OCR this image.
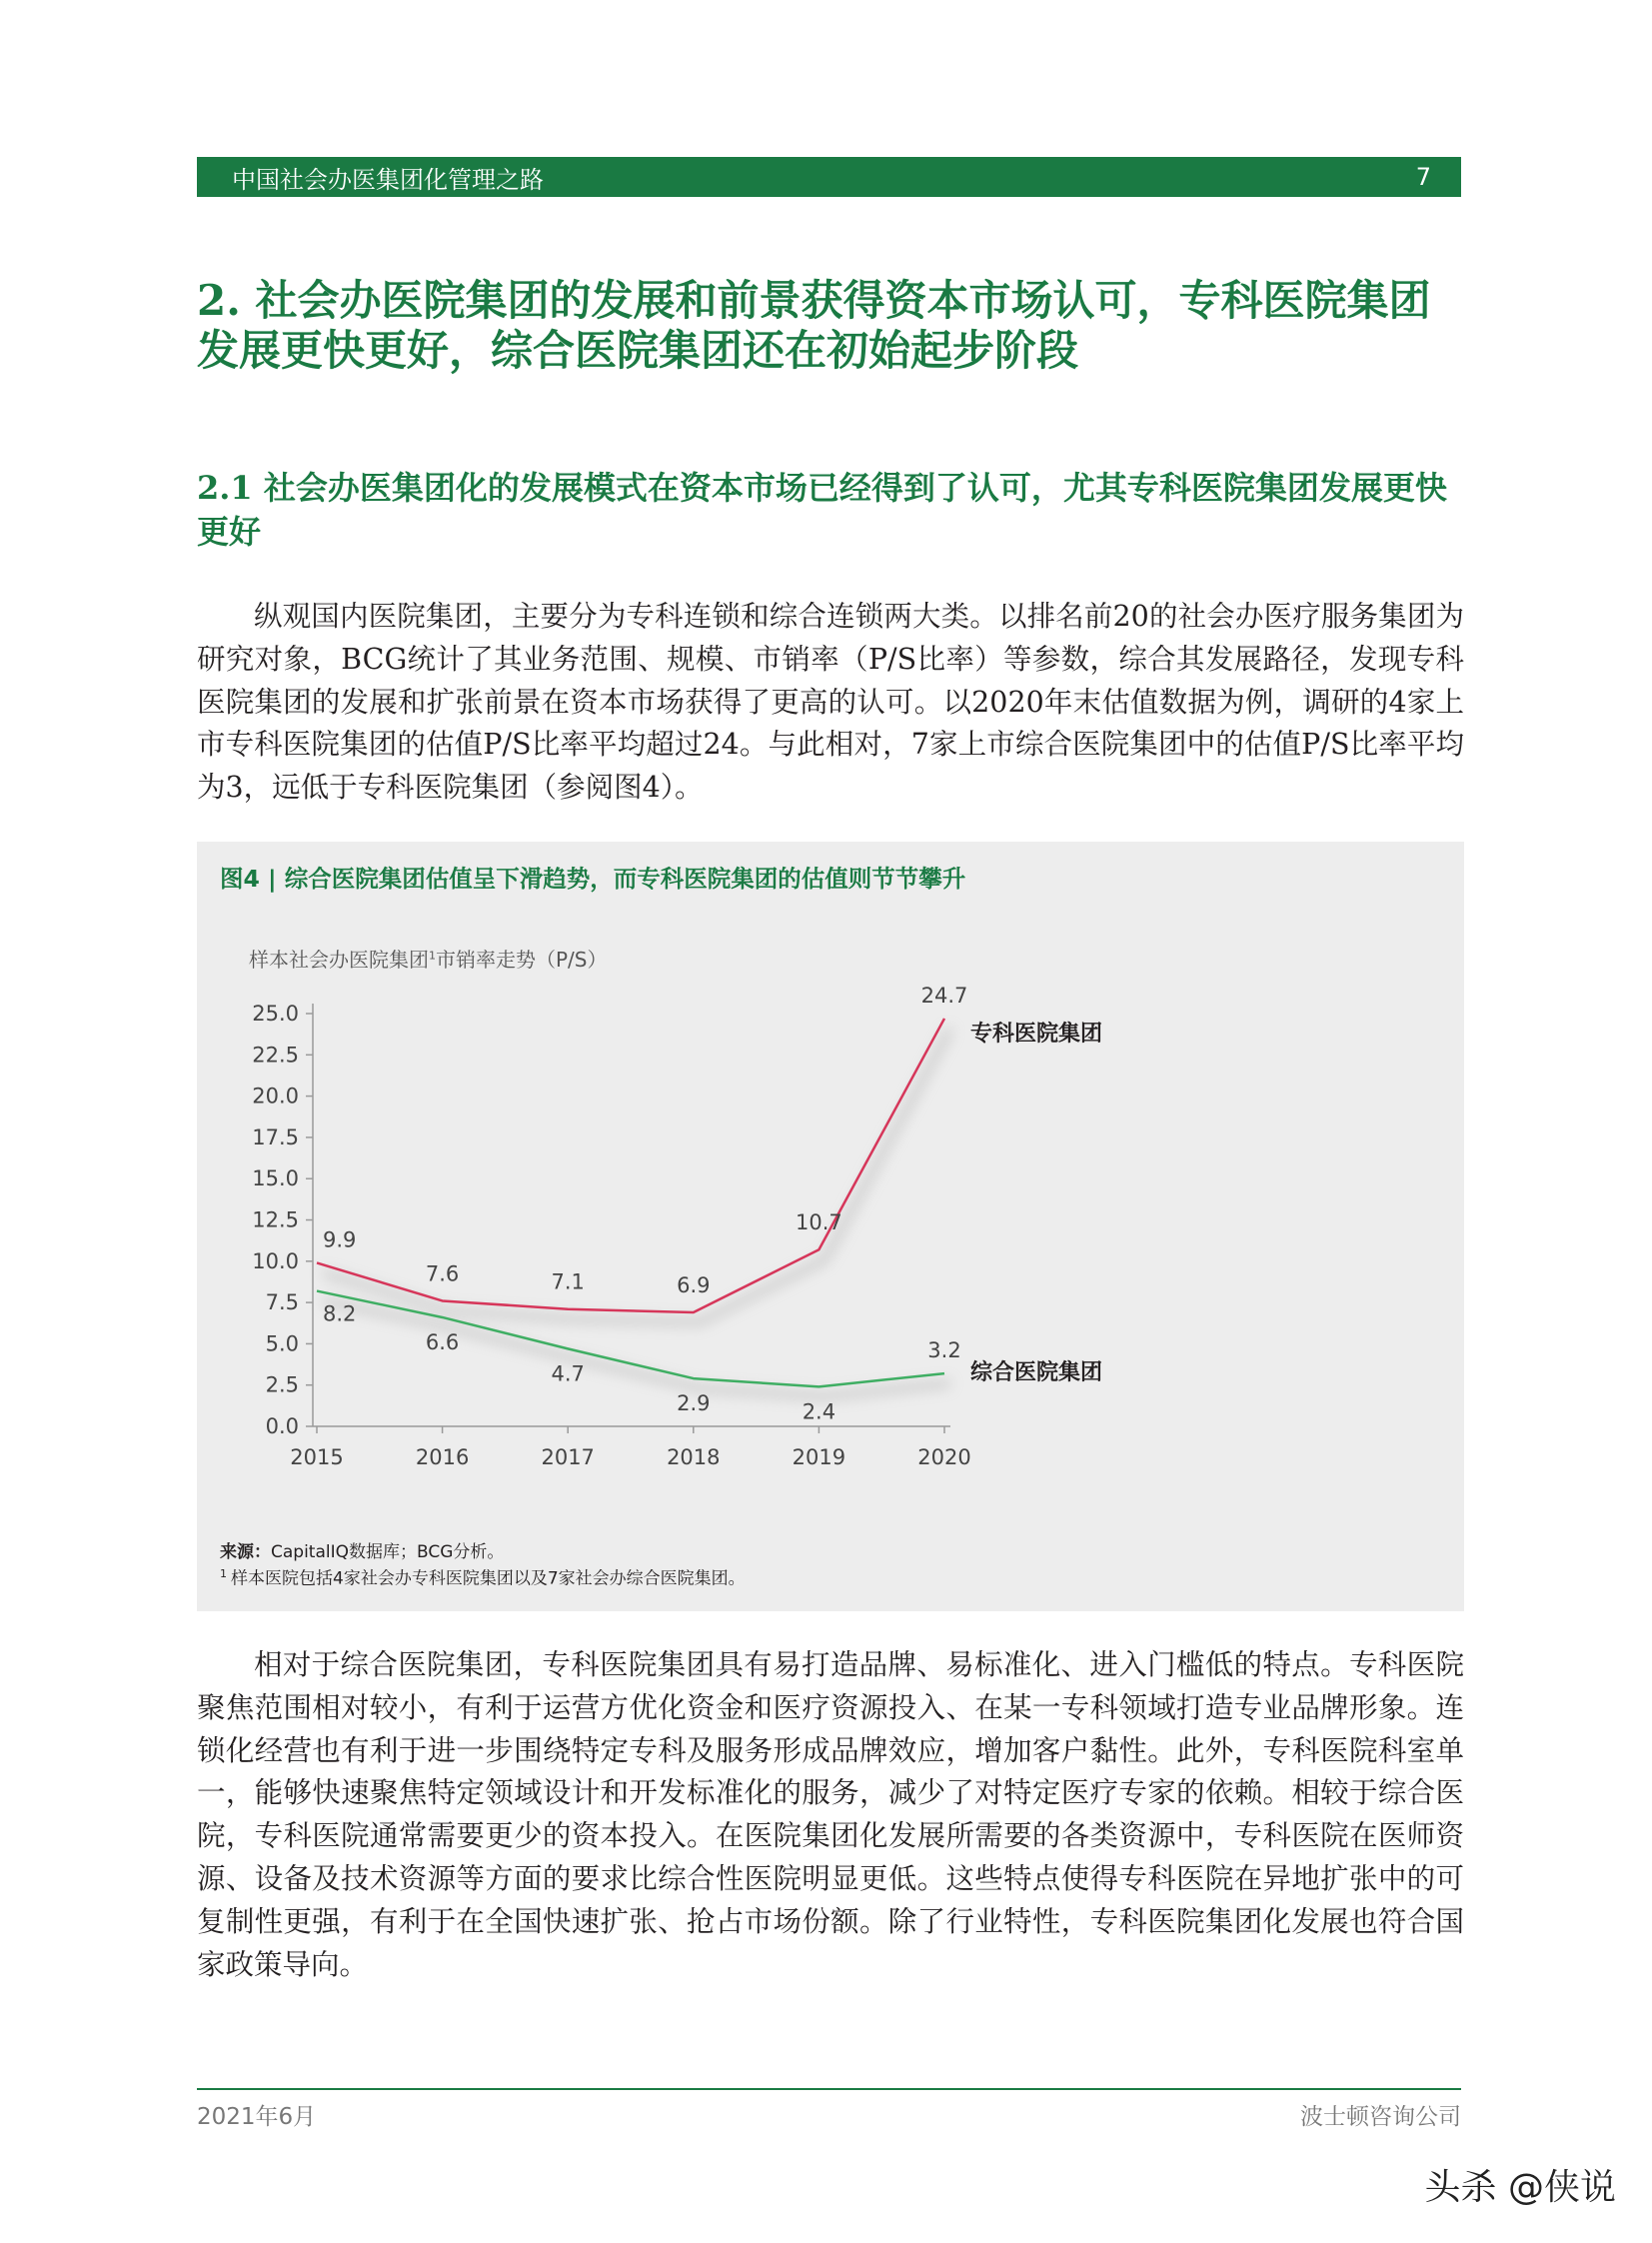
中国社会办医集团化管理之路	7
2. 社会办医院集团的发展和前景获得资本市场认可，专科医院集团发展更快更好，综合医院集团还在初始起步阶段
2.1 社会办医集团化的发展模式在资本市场已经得到了认可，尤其专科医院集团发展更快更好

纵观国内医院集团，主要分为专科连锁和综合连锁两大类。以排名前20的社会办医疗服务集团为研究对象，BCG统计了其业务范围、规模、市销率（P/S比率）等参数，综合其发展路径，发现专科医院集团的发展和扩张前景在资本市场获得了更高的认可。以2020年末估值数据为例，调研的4家上市专科医院集团的估值P/S比率平均超过24。与此相对，7家上市综合医院集团中的估值P/S比率平均为3，远低于专科医院集团（参阅图4）。

图4 | 综合医院集团估值呈下滑趋势，而专科医院集团的估值则节节攀升
0.0
2.5
5.0
7.5
10.0
12.5
15.0
17.5
20.0
22.5
25.0
2015	2016	2017	2018	2019	2020
9.9
7.6	7.1	6.9
10.7
24.7
8.2
6.6
4.7
2.9	2.4
3.2
专科医院集团
综合医院集团
样本社会办医院集团$^1$市销率走势（P/S）
来源：CapitalIQ数据库；BCG分析。
$^1$ 样本医院包括4家社会办专科医院集团以及7家社会办综合医院集团。

相对于综合医院集团，专科医院集团具有易打造品牌、易标准化、进入门槛低的特点。专科医院聚焦范围相对较小，有利于运营方优化资金和医疗资源投入、在某一专科领域打造专业品牌形象。连锁化经营也有利于进一步围绕特定专科及服务形成品牌效应，增加客户黏性。此外，专科医院科室单一，能够快速聚焦特定领域设计和开发标准化的服务，减少了对特定医疗专家的依赖。相较于综合医院，专科医院通常需要更少的资本投入。在医院集团化发展所需要的各类资源中，专科医院在医师资源、设备及技术资源等方面的要求比综合性医院明显更低。这些特点使得专科医院在异地扩张中的可复制性更强，有利于在全国快速扩张、抢占市场份额。除了行业特性，专科医院集团化发展也符合国家政策导向。

2021年6月	波士顿咨询公司
头杀 @侠说
